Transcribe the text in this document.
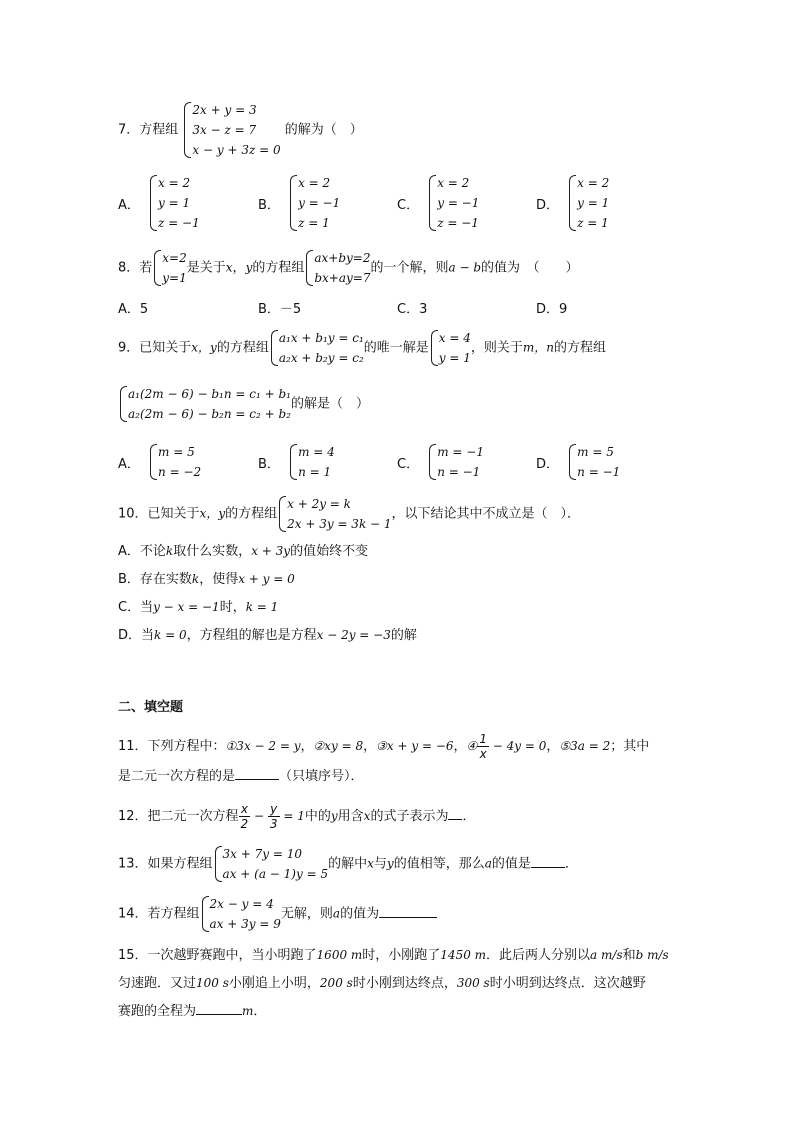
7．方程组
2x + y = 3
3x − z = 7
x − y + 3z = 0
的解为（　）
A．
x = 2
y = 1
z = −1
B．
x = 2
y = −1
z = 1
C．
x = 2
y = −1
z = −1
D．
x = 2
y = 1
z = 1
8．若
x=2
y=1
是关于x，y的方程组
ax+by=2
bx+ay=7
的一个解，则a − b的值为　（　　）
A．5	B．－5	C．3	D．9
9．已知关于x，y的方程组
a₁x + b₁y = c₁
a₂x + b₂y = c₂
的唯一解是
x = 4
y = 1
，则关于m，n的方程组
a₁(2m − 6) − b₁n = c₁ + b₁
a₂(2m − 6) − b₂n = c₂ + b₂
的解是（　）
A．
m = 5
n = −2
B．
m = 4
n = 1
C．
m = −1
n = −1
D．
m = 5
n = −1
10．已知关于x，y的方程组
x + 2y = k
2x + 3y = 3k − 1
，以下结论其中不成立是（　）．
A．不论k取什么实数，x + 3y的值始终不变
B．存在实数k，使得x + y = 0
C．当y − x = −1时，k = 1
D．当k = 0，方程组的解也是方程x − 2y = −3的解
二、填空题
11．下列方程中：①3x − 2 = y，②xy = 8，③x + y = −6，④ $\frac{1}{x} - 4y = 0$，⑤3a = 2；其中
是二元一次方程的是	（只填序号）．
12．把二元一次方程 $\frac{x}{2} - \frac{y}{3} = 1$中的y用含x的式子表示为 ．
13．如果方程组
3x + 7y = 10
ax + (a − 1)y = 5
的解中x与y的值相等，那么a的值是	．
14．若方程组
2x − y = 4
ax + 3y = 9
无解，则a的值为
15．一次越野赛跑中，当小明跑了1600 m时，小刚跑了1450 m．此后两人分别以a m/s和b m/s
匀速跑．又过100 s小刚追上小明，200 s时小刚到达终点，300 s时小明到达终点．这次越野
赛跑的全程为	m．
